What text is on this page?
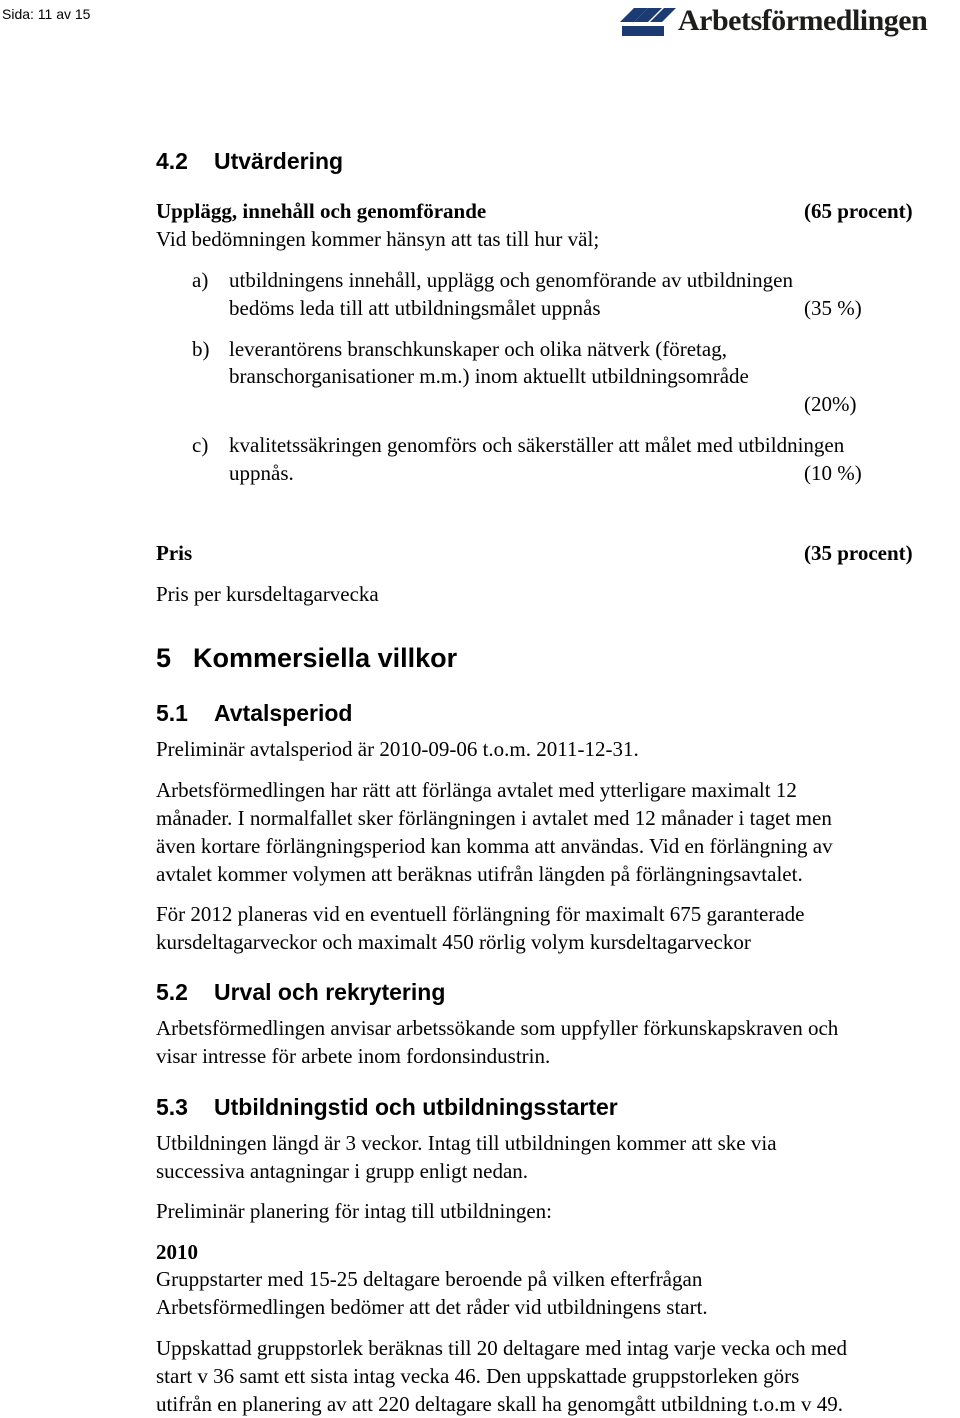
Sida: 11 av 15	Arbetsförmedlingen
4.2 Utvärdering
Upplägg, innehåll och genomförande	(65 procent)
Vid bedömningen kommer hänsyn att tas till hur väl;
a) utbildningens innehåll, upplägg och genomförande av utbildningen
bedöms leda till att utbildningsmålet uppnås	(35 %)
b) leverantörens branschkunskaper och olika nätverk (företag,
branschorganisationer m.m.) inom aktuellt utbildningsområde
(20%)
c) kvalitetssäkringen genomförs och säkerställer att målet med utbildningen
uppnås.	(10 %)
Pris	(35 procent)
Pris per kursdeltagarvecka
5 Kommersiella villkor
5.1 Avtalsperiod
Preliminär avtalsperiod är 2010-09-06 t.o.m. 2011-12-31.
Arbetsförmedlingen har rätt att förlänga avtalet med ytterligare maximalt 12
månader. I normalfallet sker förlängningen i avtalet med 12 månader i taget men
även kortare förlängningsperiod kan komma att användas. Vid en förlängning av
avtalet kommer volymen att beräknas utifrån längden på förlängningsavtalet.
För 2012 planeras vid en eventuell förlängning för maximalt 675 garanterade
kursdeltagarveckor och maximalt 450 rörlig volym kursdeltagarveckor
5.2 Urval och rekrytering
Arbetsförmedlingen anvisar arbetssökande som uppfyller förkunskapskraven och
visar intresse för arbete inom fordonsindustrin.
5.3 Utbildningstid och utbildningsstarter
Utbildningen längd är 3 veckor. Intag till utbildningen kommer att ske via
successiva antagningar i grupp enligt nedan.
Preliminär planering för intag till utbildningen:
2010
Gruppstarter med 15-25 deltagare beroende på vilken efterfrågan
Arbetsförmedlingen bedömer att det råder vid utbildningens start.
Uppskattad gruppstorlek beräknas till 20 deltagare med intag varje vecka och med
start v 36 samt ett sista intag vecka 46. Den uppskattade gruppstorleken görs
utifrån en planering av att 220 deltagare skall ha genomgått utbildning t.o.m v 49.
